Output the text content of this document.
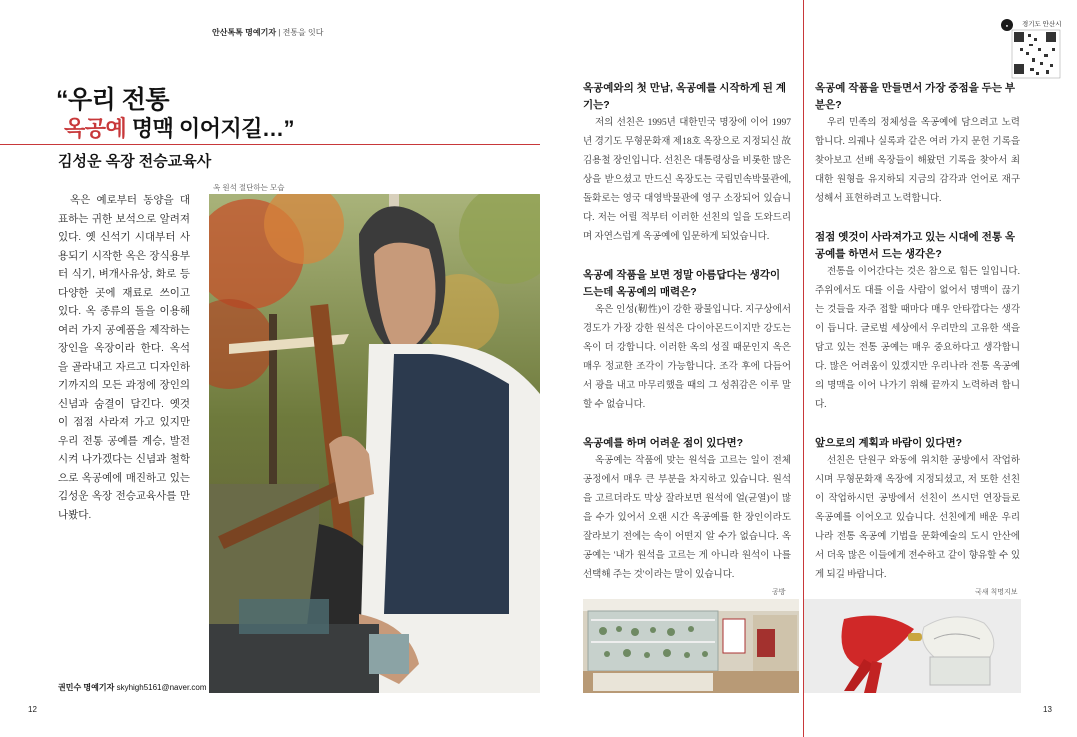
안산톡톡 명예기자 | 전통을 잇다
“우리 전통
옥공예 명맥 이어지길…”
김성운 옥장 전승교육사
옥은 예로부터 동양을 대표하는 귀한 보석으로 알려져 있다. 옛 신석기 시대부터 사용되기 시작한 옥은 장식용부터 식기, 벼개사유상, 화로 등 다양한 곳에 재료로 쓰이고 있다. 옥 종류의 돌을 이용해 여러 가지 공예품을 제작하는 장인을 옥장이라 한다. 옥석을 골라내고 자르고 디자인하기까지의 모든 과정에 장인의 신념과 숨결이 담긴다. 옛것이 점점 사라져 가고 있지만 우리 전통 공예를 계승, 발전시켜 나가겠다는 신념과 철학으로 옥공예에 매진하고 있는 김성운 옥장 전승교육사를 만나봤다.
옥 원석 절단하는 모습
권민수 명예기자 skyhigh5161@naver.com
12	13
옥공예와의 첫 만남, 옥공예를 시작하게 된 계기는?
저의 선친은 1995년 대한민국 명장에 이어 1997년 경기도 무형문화재 제18호 옥장으로 지정되신 故 김용철 장인입니다. 선친은 대통령상을 비롯한 많은 상을 받으셨고 만드신 옥장도는 국립민속박물관에, 돌화로는 영국 대영박물관에 영구 소장되어 있습니다. 저는 어릴 적부터 이러한 선친의 일을 도와드리며 자연스럽게 옥공예에 입문하게 되었습니다.
옥공예 작품을 보면 정말 아름답다는 생각이 드는데 옥공예의 매력은?
옥은 인성(靭性)이 강한 광물입니다. 지구상에서 경도가 가장 강한 원석은 다이아몬드이지만 강도는 옥이 더 강합니다. 이러한 옥의 성질 때문인지 옥은 매우 정교한 조각이 가능합니다. 조각 후에 다듬어서 광을 내고 마무리했을 때의 그 성취감은 이루 말할 수 없습니다.
옥공예를 하며 어려운 점이 있다면?
옥공예는 작품에 맞는 원석을 고르는 일이 전체 공정에서 매우 큰 부분을 차지하고 있습니다. 원석을 고르더라도 막상 잘라보면 원석에 얼(균열)이 많을 수가 있어서 오랜 시간 옥공예를 한 장인이라도 잘라보기 전에는 속이 어떤지 알 수가 없습니다. 옥공예는 '내가 원석을 고르는 게 아니라 원석이 나를 선택해 주는 것'이라는 말이 있습니다.
옥공예 작품을 만들면서 가장 중점을 두는 부분은?
우리 민족의 정체성을 옥공예에 담으려고 노력합니다. 의궤나 실록과 같은 여러 가지 문헌 기록을 찾아보고 선배 옥장들이 해왔던 기록을 찾아서 최대한 원형을 유지하되 지금의 감각과 언어로 재구성해서 표현하려고 노력합니다.
점점 옛것이 사라져가고 있는 시대에 전통 옥공예를 하면서 드는 생각은?
전통을 이어간다는 것은 참으로 힘든 일입니다. 주위에서도 대를 이을 사람이 없어서 명맥이 끊기는 것들을 자주 접할 때마다 매우 안타깝다는 생각이 듭니다. 글로벌 세상에서 우리만의 고유한 색을 담고 있는 전통 공예는 매우 중요하다고 생각합니다. 많은 어려움이 있겠지만 우리나라 전통 옥공예의 명맥을 이어 나가기 위해 끝까지 노력하려 합니다.
앞으로의 계획과 바람이 있다면?
선친은 단원구 와동에 위치한 공방에서 작업하시며 무형문화재 옥장에 지정되셨고, 저 또한 선친이 작업하시던 공방에서 선친이 쓰시던 연장들로 옥공예를 이어오고 있습니다. 선친에게 배운 우리나라 전통 옥공예 기법을 문화예술의 도시 안산에서 더욱 많은 이들에게 전수하고 같이 향유할 수 있게 되길 바랍니다.
공방	국새 칙명지보
● 경기도 안산시
